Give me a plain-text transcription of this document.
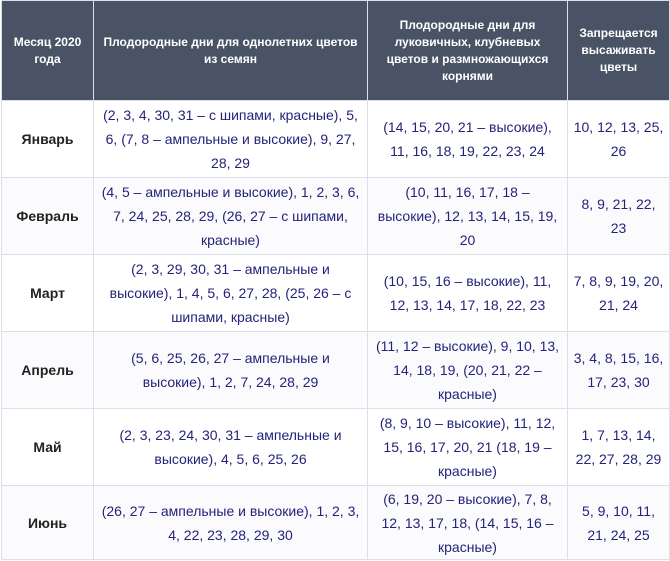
Месяц 2020 года	Плодородные дни для однолетних цветов из семян	Плодородные дни для луковичных, клубневых цветов и размножающихся корнями	Запрещается высаживать цветы
Январь	(2, 3, 4, 30, 31 – с шипами, красные), 5, 6, (7, 8 – ампельные и высокие), 9, 27, 28, 29	(14, 15, 20, 21 – высокие), 11, 16, 18, 19, 22, 23, 24	10, 12, 13, 25, 26
Февраль	(4, 5 – ампельные и высокие), 1, 2, 3, 6, 7, 24, 25, 28, 29, (26, 27 – с шипами, красные)	(10, 11, 16, 17, 18 – высокие), 12, 13, 14, 15, 19, 20	8, 9, 21, 22, 23
Март	(2, 3, 29, 30, 31 – ампельные и высокие), 1, 4, 5, 6, 27, 28, (25, 26 – с шипами, красные)	(10, 15, 16 – высокие), 11, 12, 13, 14, 17, 18, 22, 23	7, 8, 9, 19, 20, 21, 24
Апрель	(5, 6, 25, 26, 27 – ампельные и высокие), 1, 2, 7, 24, 28, 29	(11, 12 – высокие), 9, 10, 13, 14, 18, 19, (20, 21, 22 – красные)	3, 4, 8, 15, 16, 17, 23, 30
Май	(2, 3, 23, 24, 30, 31 – ампельные и высокие), 4, 5, 6, 25, 26	(8, 9, 10 – высокие), 11, 12, 15, 16, 17, 20, 21 (18, 19 – красные)	1, 7, 13, 14, 22, 27, 28, 29
Июнь	(26, 27 – ампельные и высокие), 1, 2, 3, 4, 22, 23, 28, 29, 30	(6, 19, 20 – высокие), 7, 8, 12, 13, 17, 18, (14, 15, 16 – красные)	5, 9, 10, 11, 21, 24, 25
